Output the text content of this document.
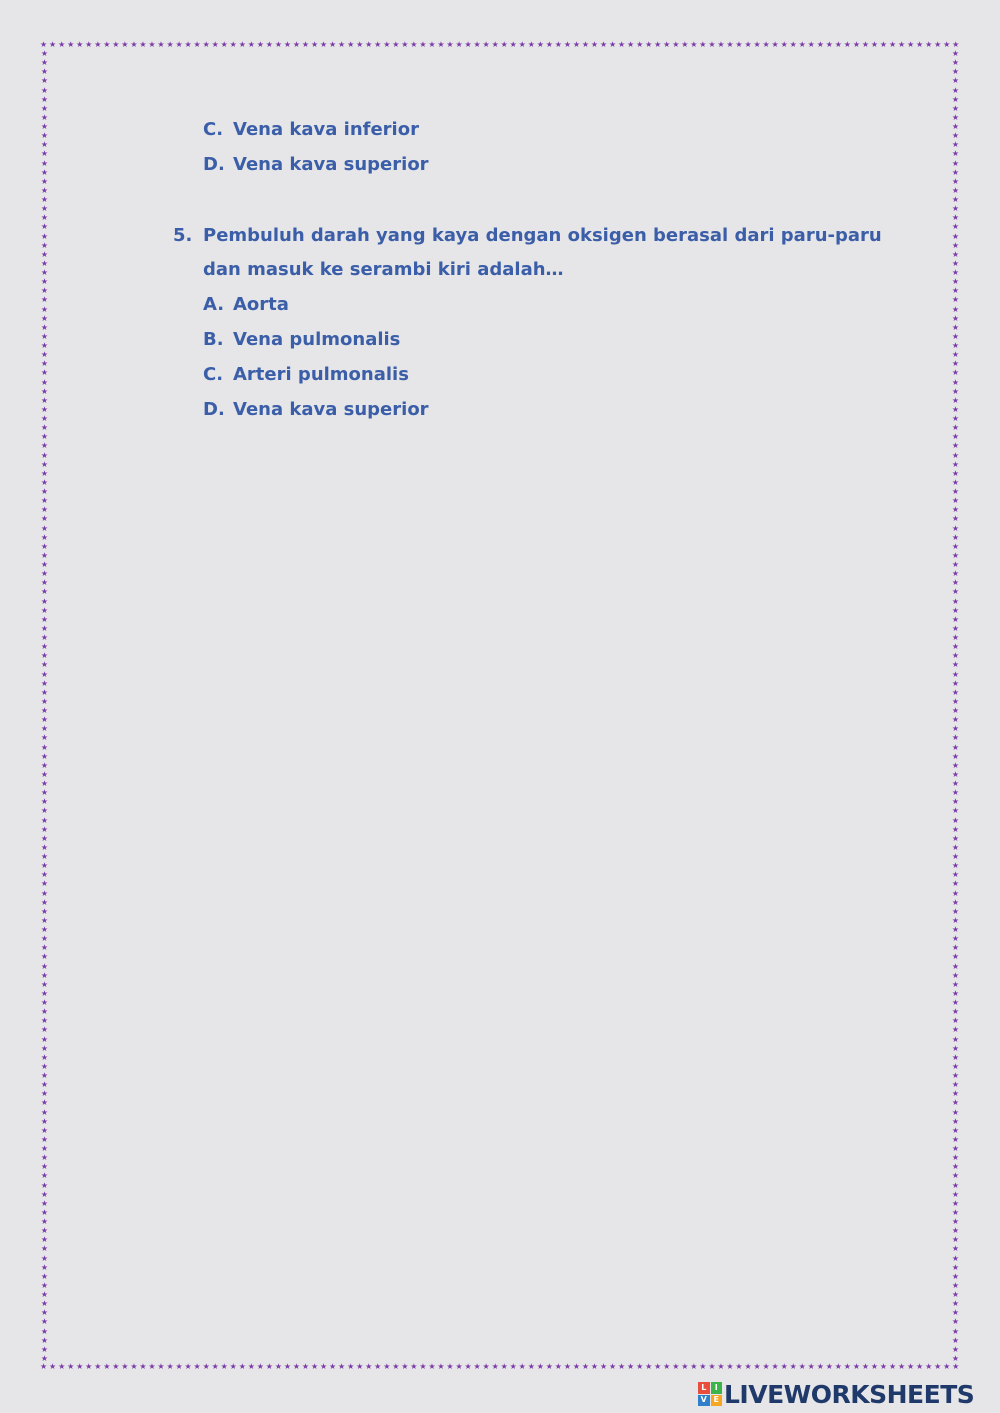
★ ★ ★ ★ ★ ★ ★ ★ ★ ★ ★ ★ ★ ★ ★ ★ ★ ★ ★ ★ ★ ★ ★ ★ ★ ★ ★ ★ ★ ★ ★ ★ ★ ★ ★ ★ ★ ★ ★ ★ ★ ★ ★ ★ ★ ★ ★ ★ ★ ★ ★ ★ ★ ★ ★ ★ ★ ★ ★ ★ ★ ★ ★ ★ ★ ★ ★ ★ ★ ★ ★ ★ ★ ★ ★ ★ ★ ★ ★ ★ ★ ★ ★ ★ ★ ★ ★ ★ ★ ★ ★ ★ ★ ★ ★ ★ ★ ★ ★ ★ ★ ★
★ ★ ★ ★ ★ ★ ★ ★ ★ ★ ★ ★ ★ ★ ★ ★ ★ ★ ★ ★ ★ ★ ★ ★ ★ ★ ★ ★ ★ ★ ★ ★ ★ ★ ★ ★ ★ ★ ★ ★ ★ ★ ★ ★ ★ ★ ★ ★ ★ ★ ★ ★ ★ ★ ★ ★ ★ ★ ★ ★ ★ ★ ★ ★ ★ ★ ★ ★ ★ ★ ★ ★ ★ ★ ★ ★ ★ ★ ★ ★ ★ ★ ★ ★ ★ ★ ★ ★ ★ ★ ★ ★ ★ ★ ★ ★ ★ ★ ★ ★ ★ ★
★
★
★
★
★
★
★
★
★
★
★
★
★
★
★
★
★
★
★
★
★
★
★
★
★
★
★
★
★
★
★
★
★
★
★
★
★
★
★
★
★
★
★
★
★
★
★
★
★
★
★
★
★
★
★
★
★
★
★
★
★
★
★
★
★
★
★
★
★
★
★
★
★
★
★
★
★
★
★
★
★
★
★
★
★
★
★
★
★
★
★
★
★
★
★
★
★
★
★
★
★
★
★
★
★
★
★
★
★
★
★
★
★
★
★
★
★
★
★
★
★
★
★
★
★
★
★
★
★
★
★
★
★
★
★
★
★
★
★
★
★
★
★
★
★
★
★
★
★
★
★
★
★
★
★
★
★
★
★
★
★
★
★
★
★
★
★
★
★
★
★
★
★
★
★
★
★
★
★
★
★
★
★
★
★
★
★
★
★
★
★
★
★
★
★
★
★
★
★
★
★
★
★
★
★
★
★
★
★
★
★
★
★
★
★
★
★
★
★
★
★
★
★
★
★
★
★
★
★
★
★
★
★
★
★
★
★
★
★
★
★
★
★
★
★
★
★
★
★
★
★
★
★
★
★
★
★
★
★
★
★
★
★
★
★
★
★
★
★
★
★
★
★
★
★
★
★
★
★
★
★
★
★
★
★
★
★
★
C. Vena kava inferior
D. Vena kava superior
5. Pembuluh darah yang kaya dengan oksigen berasal dari paru-paru
dan masuk ke serambi kiri adalah…
A. Aorta
B. Vena pulmonalis
C. Arteri pulmonalis
D. Vena kava superior
L	I
V E LIVEWORKSHEETS
